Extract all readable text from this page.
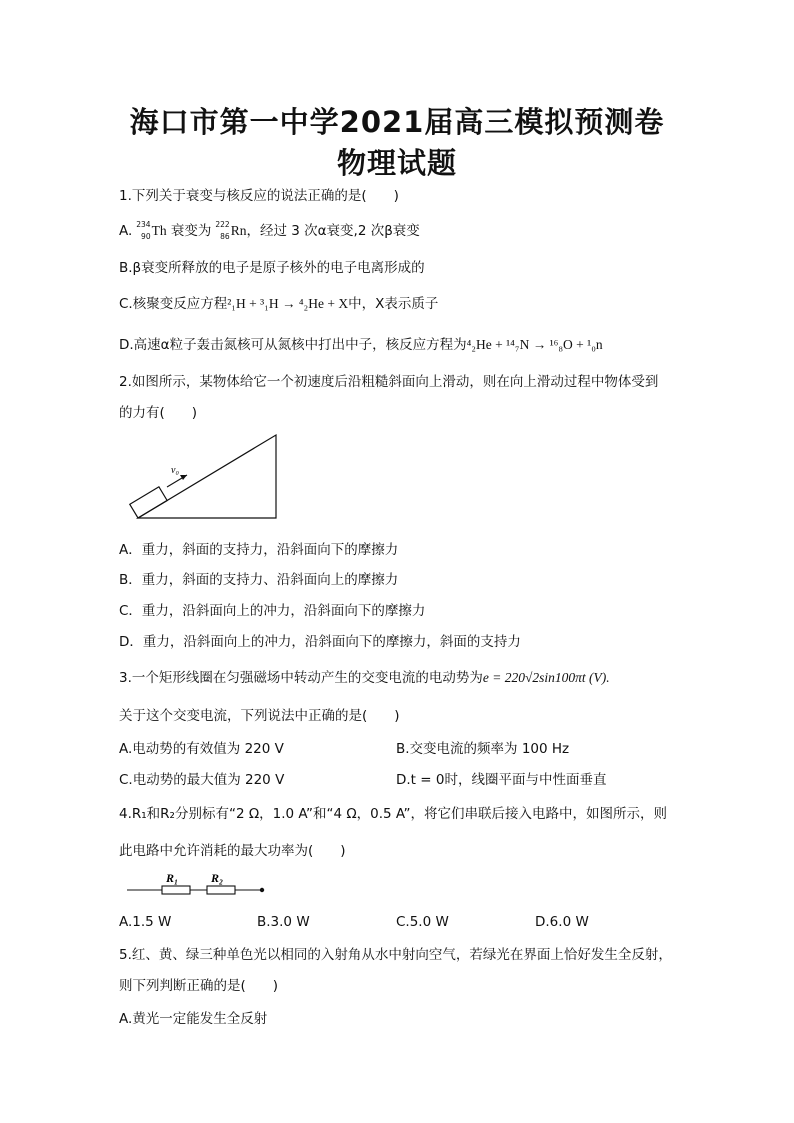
海口市第一中学2021届高三模拟预测卷
物理试题
1.下列关于衰变与核反应的说法正确的是(　　)
A. 234
90 Th 衰变为 222
86 Rn，经过 3 次α衰变,2 次β衰变
B.β衰变所释放的电子是原子核外的电子电离形成的
C.核聚变反应方程²₁H + ³₁H → ⁴₂He + X中，X表示质子
D.高速α粒子轰击氮核可从氮核中打出中子，核反应方程为⁴₂He + ¹⁴₇N → ¹⁶₈O + ¹₀n
2.如图所示，某物体给它一个初速度后沿粗糙斜面向上滑动，则在向上滑动过程中物体受到
的力有(　　)
v₀
A．重力，斜面的支持力，沿斜面向下的摩擦力
B．重力，斜面的支持力、沿斜面向上的摩擦力
C．重力，沿斜面向上的冲力，沿斜面向下的摩擦力
D．重力，沿斜面向上的冲力，沿斜面向下的摩擦力，斜面的支持力
3.一个矩形线圈在匀强磁场中转动产生的交变电流的电动势为e = 220√2sin100πt (V).
关于这个交变电流，下列说法中正确的是(　　)
A.电动势的有效值为 220 V	B.交变电流的频率为 100 Hz
C.电动势的最大值为 220 V	D.t = 0时，线圈平面与中性面垂直
4.R₁和R₂分别标有“2 Ω，1.0 A”和“4 Ω，0.5 A”，将它们串联后接入电路中，如图所示，则
此电路中允许消耗的最大功率为(　　)
R₁	R₂
A.1.5 W	B.3.0 W	C.5.0 W	D.6.0 W
5.红、黄、绿三种单色光以相同的入射角从水中射向空气，若绿光在界面上恰好发生全反射，
则下列判断正确的是(　　)
A.黄光一定能发生全反射
